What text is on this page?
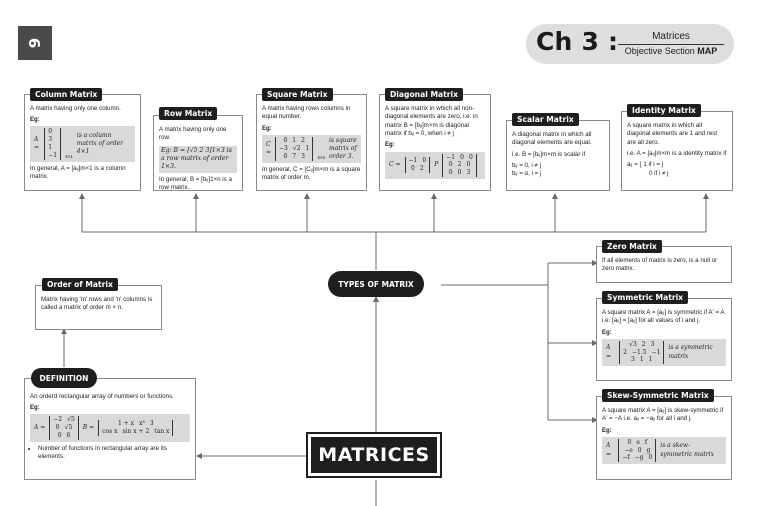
9	Ch 3 :	Matrices
Objective Section MAP

A matrix having only one column.

Eg:
A =
0
3
1
−1 4×1
is a column matrix of order 4×1

In general, A = [aᵢⱼ]m×1 is a column matrix.

Column Matrix

A matrix having only one row.

Eg: B = [√5 2 3]1×3 is a row matrix of order 1×3.

In general, B = [bᵢⱼ]1×n is a row matrix.

Row Matrix

A matrix having rows columns in equal number.

Eg:
C =
0 1 2
−3 √2 1
0 7 3	3×3
is square matrix of order 3.

In general, C = [Cᵢⱼ]m×m is a square matrix of order m.

Square Matrix

A square matrix in which all non-diagonal elements are zero, i.e. in matrix B = [bᵢⱼ]m×m is diagonal matrix if bᵢⱼ = 0, when i ≠ j

Eg:
C =
−1 0
0 2
P
−1 0 0
0 2 0
0 0 3
Diagonal Matrix

A diagonal matrix in which all diagonal elements are equal.

i.e. B = [bᵢⱼ]m×m is scalar if

bᵢⱼ = 0, i ≠ j

bᵢⱼ = α, i = j

Scalar Matrix

A square matrix in which all diagonal elements are 1 and rest are all zero.

i.e. A = [aᵢⱼ]m×m is a identity matrix if

aᵢⱼ = { 1 if i = j

0 if i ≠ j

Identity Matrix

If all elements of matrix is zero, is a null or zero matrix.

Zero Matrix

A square matrix A = [aᵢⱼ] is symmetric if A' = A i.e. [aᵢⱼ] = [aⱼᵢ] for all values of i and j.

Eg:
A =
√3 2 3
2 −1.5 −1
3 1 1
is a symmetric matrix
Symmetric Matrix

A square matrix A = [aᵢⱼ] is skew-symmetric if A' = −A i.e. aᵢⱼ = −aⱼᵢ for all i and j.

Eg:
A =
0 e f
−e 0 g
−f −g 0
is a skew-symmetric matrix
Skew-Symmetric Matrix

Matrix having 'm' rows and 'n' columns is called a matrix of order m × n.

Order of Matrix

An orderd rectangular array of numbers or functions.

Eg:
A =
−2 √5
0 √5
0 6
B =
1 + x x³ 3
cos x sin x + 2 tan x
• Number of functions in rectangular array are its elements.
DEFINITION
TYPES OF MATRIX
MATRICES
